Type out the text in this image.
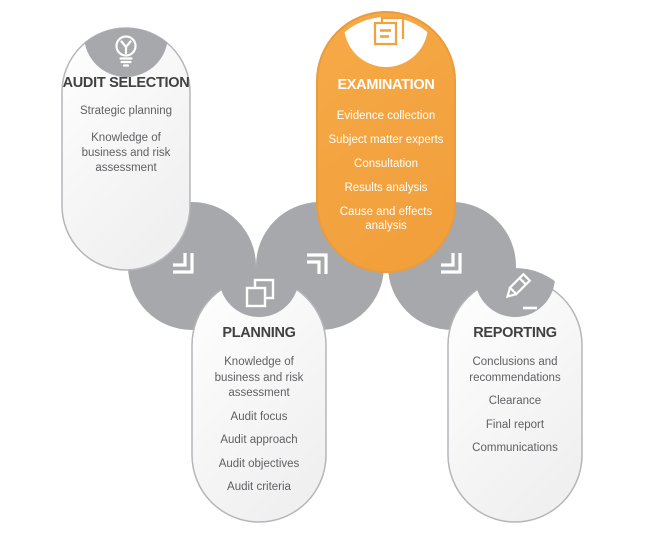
AUDIT SELECTION
Strategic planning
Knowledge of business and risk assessment
EXAMINATION
Evidence collection
Subject matter experts
Consultation
Results analysis
Cause and effects analysis
PLANNING
Knowledge of business and risk assessment
Audit focus
Audit approach
Audit objectives
Audit criteria
REPORTING
Conclusions and recommendations
Clearance
Final report
Communications
